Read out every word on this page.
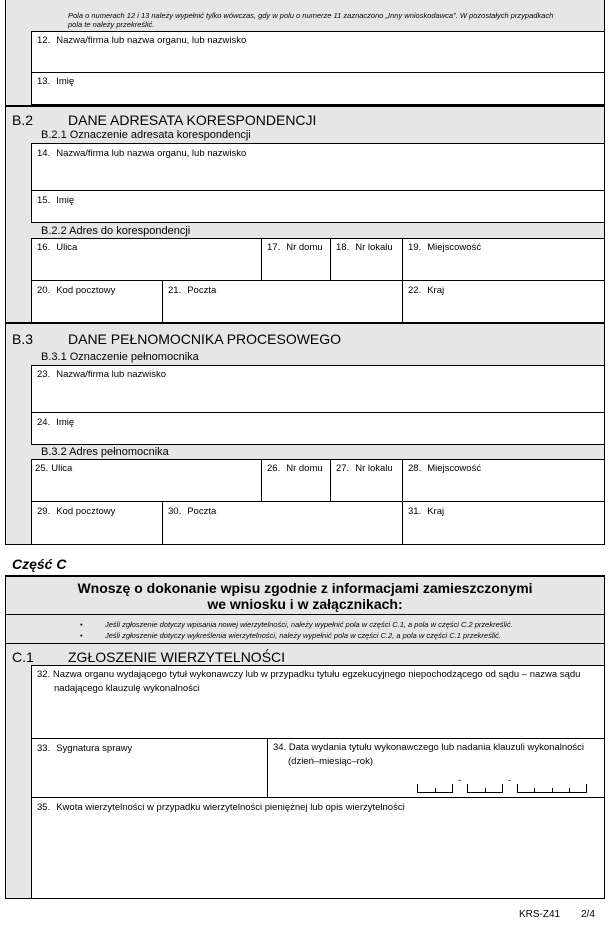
Pola o numerach 12 i 13 należy wypełnić tylko wówczas, gdy w polu o numerze 11 zaznaczono „Inny wnioskodawca". W pozostałych przypadkach pola te należy przekreślić.
12. Nazwa/firma lub nazwa organu, lub nazwisko
13. Imię
B.2 DANE ADRESATA KORESPONDENCJI
B.2.1 Oznaczenie adresata korespondencji
14. Nazwa/firma lub nazwa organu, lub nazwisko
15. Imię
B.2.2 Adres do korespondencji
16. Ulica	17. Nr domu 18. Nr lokalu 19. Miejscowość
20. Kod pocztowy	21. Poczta	22. Kraj
B.3 DANE PEŁNOMOCNIKA PROCESOWEGO
B.3.1 Oznaczenie pełnomocnika
23. Nazwa/firma lub nazwisko
24. Imię
B.3.2 Adres pełnomocnika
25. Ulica	26. Nr domu 27. Nr lokalu 28. Miejscowość
29. Kod pocztowy	30. Poczta	31. Kraj
Część C
Wnoszę o dokonanie wpisu zgodnie z informacjami zamieszczonymi
we wniosku i w załącznikach:
•	Jeśli zgłoszenie dotyczy wpisania nowej wierzytelności, należy wypełnić pola w części C.1, a pola w części C.2 przekreślić.
•	Jeśli zgłoszenie dotyczy wykreślenia wierzytelności, należy wypełnić pola w części C.2, a pola w części C.1 przekreślić.
C.1 ZGŁOSZENIE WIERZYTELNOŚCI
32. Nazwa organu wydającego tytuł wykonawczy lub w przypadku tytułu egzekucyjnego niepochodzącego od sądu – nazwa sądu
nadającego klauzulę wykonalności
33. Sygnatura sprawy	34. Data wydania tytułu wykonawczego lub nadania klauzuli wykonalności
(dzień–miesiąc–rok)
-	-
35. Kwota wierzytelności w przypadku wierzytelności pieniężnej lub opis wierzytelności
KRS-Z41 2/4
